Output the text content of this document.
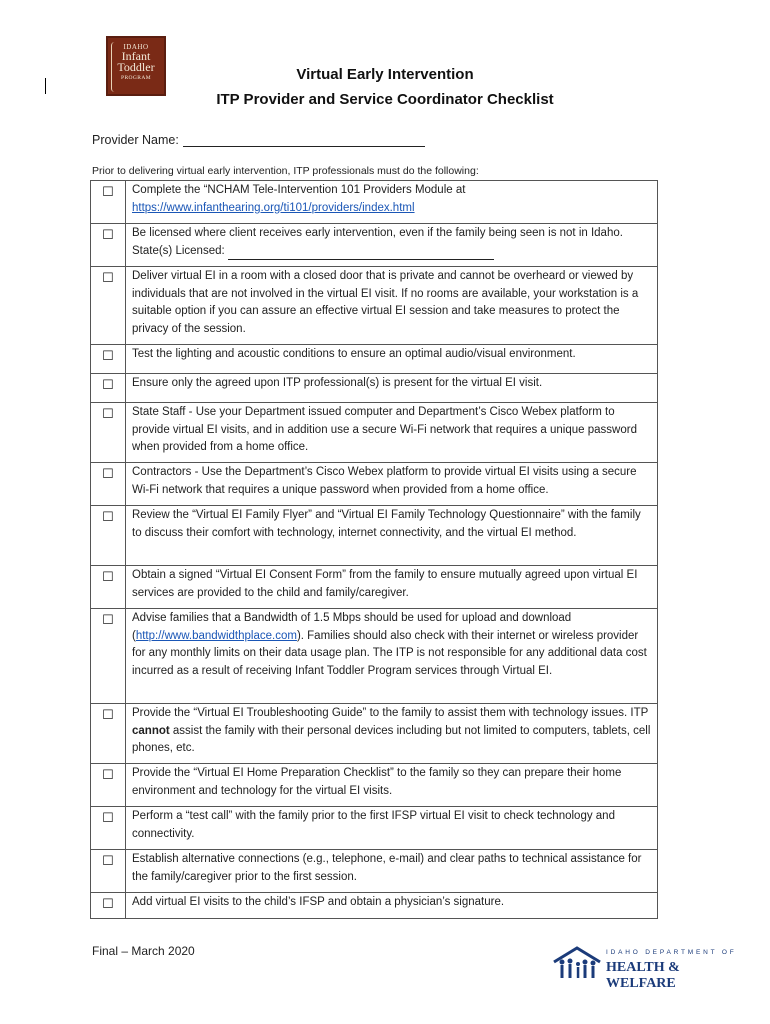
IDAHO
Infant
Toddler
PROGRAM	Virtual Early Intervention
ITP Provider and Service Coordinator Checklist
Provider Name:
Prior to delivering virtual early intervention, ITP professionals must do the following:
☐	Complete the “NCHAM Tele-Intervention 101 Providers Module at
https://www.infanthearing.org/ti101/providers/index.html
☐	Be licensed where client receives early intervention, even if the family being seen is not in Idaho. State(s) Licensed:
☐	Deliver virtual EI in a room with a closed door that is private and cannot be overheard or viewed by individuals that are not involved in the virtual EI visit. If no rooms are available, your workstation is a suitable option if you can assure an effective virtual EI session and take measures to protect the privacy of the session.
☐	Test the lighting and acoustic conditions to ensure an optimal audio/visual environment.
☐	Ensure only the agreed upon ITP professional(s) is present for the virtual EI visit.
☐	State Staff - Use your Department issued computer and Department’s Cisco Webex platform to provide virtual EI visits, and in addition use a secure Wi-Fi network that requires a unique password when provided from a home office.
☐	Contractors - Use the Department’s Cisco Webex platform to provide virtual EI visits using a secure Wi-Fi network that requires a unique password when provided from a home office.
☐	Review the “Virtual EI Family Flyer” and “Virtual EI Family Technology Questionnaire” with the family to discuss their comfort with technology, internet connectivity, and the virtual EI method.
☐	Obtain a signed “Virtual EI Consent Form” from the family to ensure mutually agreed upon virtual EI services are provided to the child and family/caregiver.
☐	Advise families that a Bandwidth of 1.5 Mbps should be used for upload and download (http://www.bandwidthplace.com). Families should also check with their internet or wireless provider for any monthly limits on their data usage plan. The ITP is not responsible for any additional data cost incurred as a result of receiving Infant Toddler Program services through Virtual EI.
☐	Provide the “Virtual EI Troubleshooting Guide” to the family to assist them with technology issues. ITP cannot assist the family with their personal devices including but not limited to computers, tablets, cell phones, etc.
☐	Provide the “Virtual EI Home Preparation Checklist” to the family so they can prepare their home environment and technology for the virtual EI visits.
☐	Perform a “test call” with the family prior to the first IFSP virtual EI visit to check technology and connectivity.
☐	Establish alternative connections (e.g., telephone, e-mail) and clear paths to technical assistance for the family/caregiver prior to the first session.
☐	Add virtual EI visits to the child’s IFSP and obtain a physician’s signature.
Final – March 2020	IDAHO DEPARTMENT OF
HEALTH & WELFARE
